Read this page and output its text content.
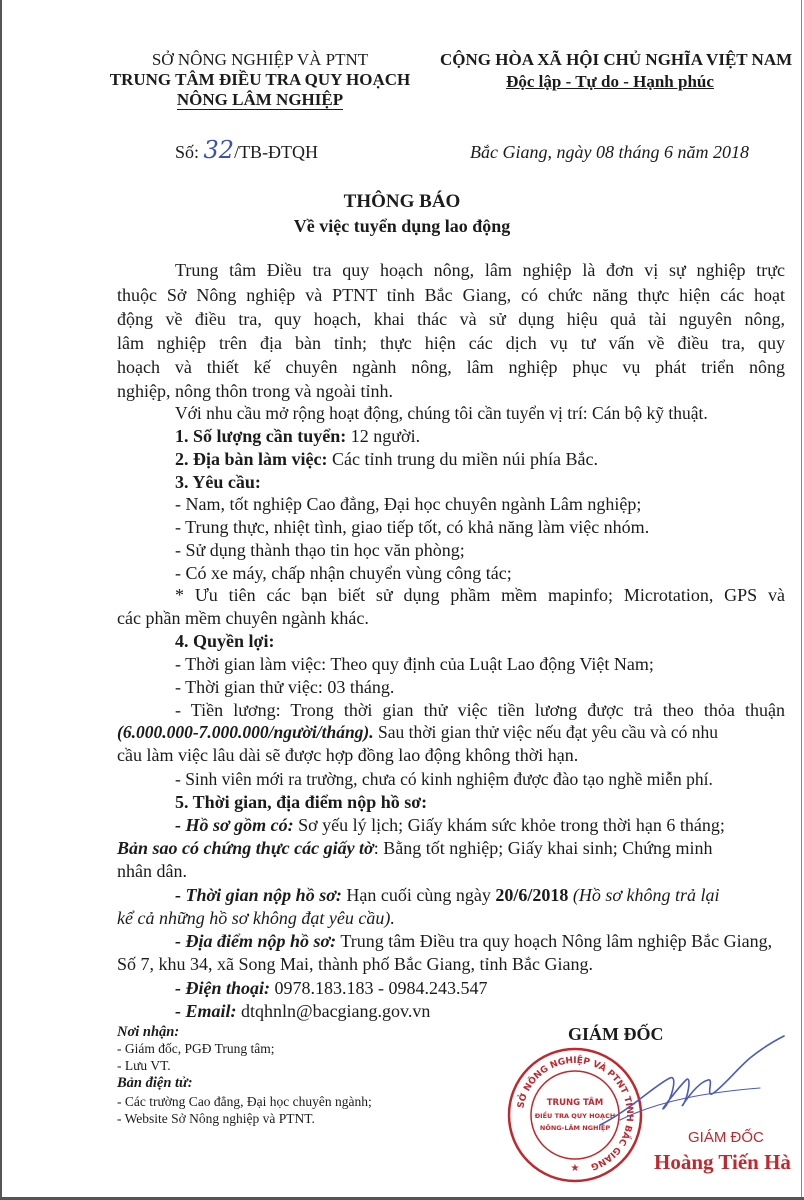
SỞ NÔNG NGHIỆP VÀ PTNT
TRUNG TÂM ĐIỀU TRA QUY HOẠCH
NÔNG LÂM NGHIỆP
CỘNG HÒA XÃ HỘI CHỦ NGHĨA VIỆT NAM
Độc lập - Tự do - Hạnh phúc
Số: 32/TB-ĐTQH	Bắc Giang, ngày 08 tháng 6 năm 2018
THÔNG BÁO
Về việc tuyển dụng lao động
Trung tâm Điều tra quy hoạch nông, lâm nghiệp là đơn vị sự nghiệp trực
thuộc Sở Nông nghiệp và PTNT tỉnh Bắc Giang, có chức năng thực hiện các hoạt
động về điều tra, quy hoạch, khai thác và sử dụng hiệu quả tài nguyên nông,
lâm nghiệp trên địa bàn tỉnh; thực hiện các dịch vụ tư vấn về điều tra, quy
hoạch và thiết kế chuyên ngành nông, lâm nghiệp phục vụ phát triển nông
nghiệp, nông thôn trong và ngoài tỉnh.
Với nhu cầu mở rộng hoạt động, chúng tôi cần tuyển vị trí: Cán bộ kỹ thuật.
1. Số lượng cần tuyển: 12 người.
2. Địa bàn làm việc: Các tỉnh trung du miền núi phía Bắc.
3. Yêu cầu:
- Nam, tốt nghiệp Cao đẳng, Đại học chuyên ngành Lâm nghiệp;
- Trung thực, nhiệt tình, giao tiếp tốt, có khả năng làm việc nhóm.
- Sử dụng thành thạo tin học văn phòng;
- Có xe máy, chấp nhận chuyển vùng công tác;
* Ưu tiên các bạn biết sử dụng phầm mềm mapinfo; Microtation, GPS và
các phần mềm chuyên ngành khác.
4. Quyền lợi:
- Thời gian làm việc: Theo quy định của Luật Lao động Việt Nam;
- Thời gian thử việc: 03 tháng.
- Tiền lương: Trong thời gian thử việc tiền lương được trả theo thỏa thuận
(6.000.000-7.000.000/người/tháng). Sau thời gian thử việc nếu đạt yêu cầu và có nhu
cầu làm việc lâu dài sẽ được hợp đồng lao động không thời hạn.
- Sinh viên mới ra trường, chưa có kinh nghiệm được đào tạo nghề miễn phí.
5. Thời gian, địa điểm nộp hồ sơ:
- Hồ sơ gồm có: Sơ yếu lý lịch; Giấy khám sức khỏe trong thời hạn 6 tháng;
Bản sao có chứng thực các giấy tờ: Bằng tốt nghiệp; Giấy khai sinh; Chứng minh
nhân dân.
- Thời gian nộp hồ sơ: Hạn cuối cùng ngày 20/6/2018 (Hồ sơ không trả lại
kể cả những hồ sơ không đạt yêu cầu).
- Địa điểm nộp hồ sơ: Trung tâm Điều tra quy hoạch Nông lâm nghiệp Bắc Giang,
Số 7, khu 34, xã Song Mai, thành phố Bắc Giang, tỉnh Bắc Giang.
- Điện thoại: 0978.183.183 - 0984.243.547
- Email: dtqhnln@bacgiang.gov.vn
Nơi nhận:
- Giám đốc, PGĐ Trung tâm;
- Lưu VT.
Bản điện tử:
- Các trường Cao đẳng, Đại học chuyên ngành;
- Website Sở Nông nghiệp và PTNT.
GIÁM ĐỐC
SỞ NÔNG NGHIỆP VÀ PTNT TỈNH BẮC GIANG
TRUNG TÂM
ĐIỀU TRA QUY HOẠCH
NÔNG-LÂM NGHIỆP
★
GIÁM ĐỐC
Hoàng Tiến Hà
